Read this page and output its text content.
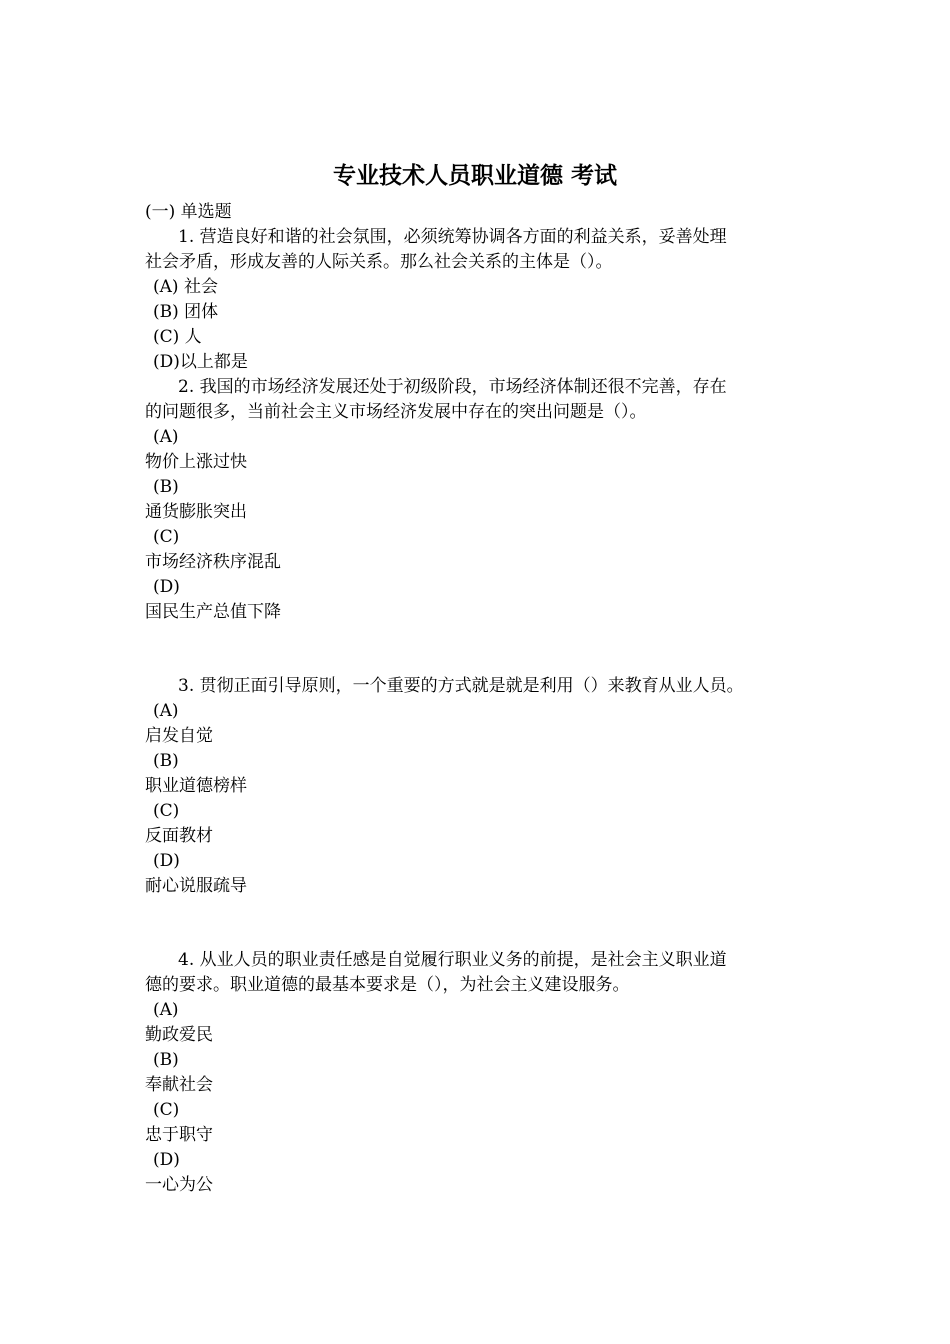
专业技术人员职业道德 考试
(一) 单选题
1. 营造良好和谐的社会氛围，必须统筹协调各方面的利益关系，妥善处理
社会矛盾，形成友善的人际关系。那么社会关系的主体是（）。
(A) 社会
(B) 团体
(C) 人
(D)以上都是
2. 我国的市场经济发展还处于初级阶段，市场经济体制还很不完善，存在
的问题很多，当前社会主义市场经济发展中存在的突出问题是（）。
(A)
物价上涨过快
(B)
通货膨胀突出
(C)
市场经济秩序混乱
(D)
国民生产总值下降
3. 贯彻正面引导原则，一个重要的方式就是就是利用（）来教育从业人员。
(A)
启发自觉
(B)
职业道德榜样
(C)
反面教材
(D)
耐心说服疏导
4. 从业人员的职业责任感是自觉履行职业义务的前提，是社会主义职业道
德的要求。职业道德的最基本要求是（），为社会主义建设服务。
(A)
勤政爱民
(B)
奉献社会
(C)
忠于职守
(D)
一心为公
